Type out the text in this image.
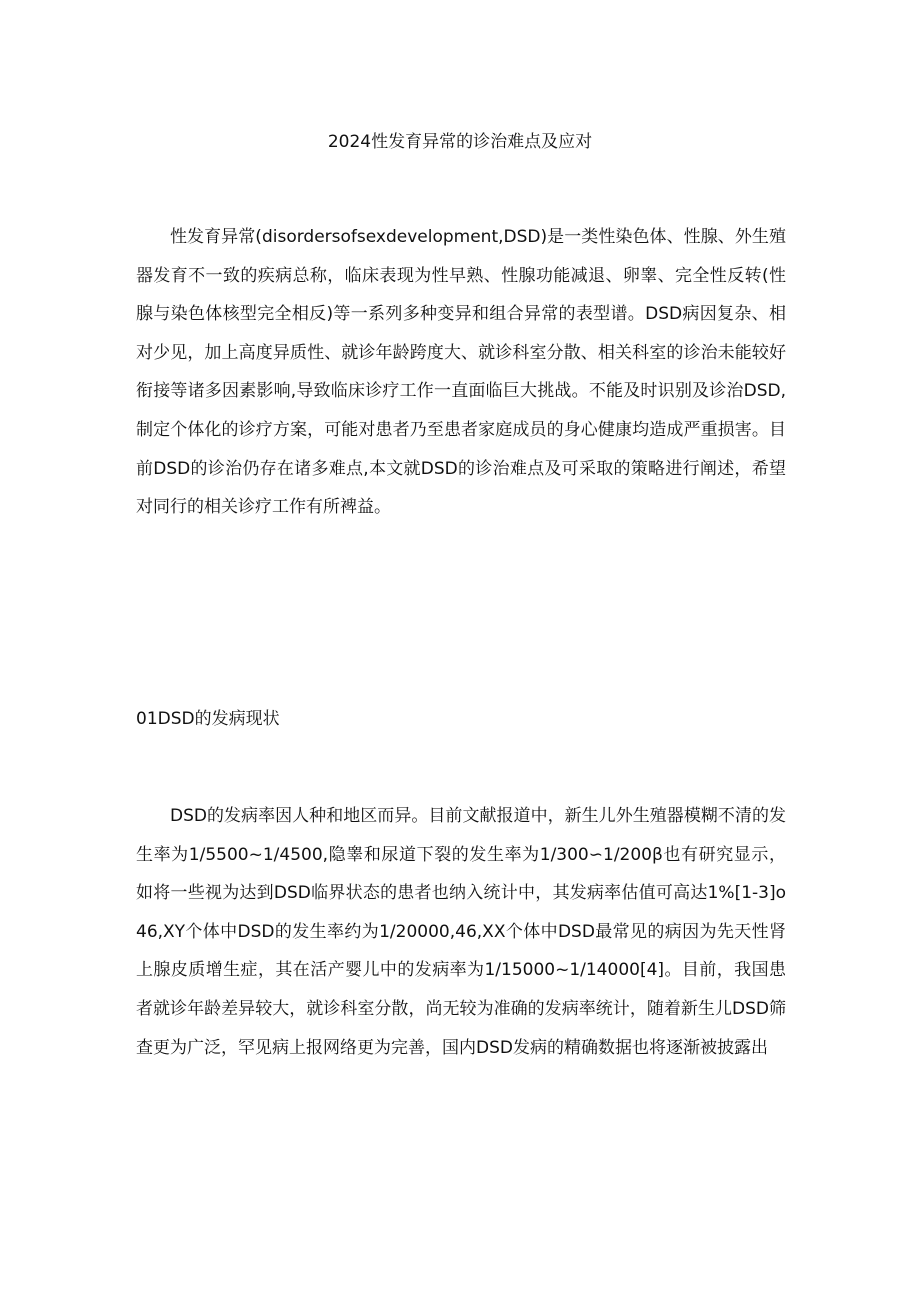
2024性发育异常的诊治难点及应对

性发育异常(disordersofsexdevelopment,DSD)是一类性染色体、性腺、外生殖器发育不一致的疾病总称，临床表现为性早熟、性腺功能减退、卵睾、完全性反转(性腺与染色体核型完全相反)等一系列多种变异和组合异常的表型谱。DSD病因复杂、相对少见，加上高度异质性、就诊年龄跨度大、就诊科室分散、相关科室的诊治未能较好衔接等诸多因素影响,导致临床诊疗工作一直面临巨大挑战。不能及时识别及诊治DSD,制定个体化的诊疗方案，可能对患者乃至患者家庭成员的身心健康均造成严重损害。目前DSD的诊治仍存在诸多难点,本文就DSD的诊治难点及可采取的策略进行阐述，希望对同行的相关诊疗工作有所裨益。

01DSD的发病现状

DSD的发病率因人种和地区而异。目前文献报道中，新生儿外生殖器模糊不清的发生率为1/5500~1/4500,隐睾和尿道下裂的发生率为1/300∽1/200β也有研究显示，如将一些视为达到DSD临界状态的患者也纳入统计中，其发病率估值可高达1%[1-3]o46,XY个体中DSD的发生率约为1/20000,46,XX个体中DSD最常见的病因为先天性肾上腺皮质增生症，其在活产婴儿中的发病率为1/15000~1/14000[4]。目前，我国患者就诊年龄差异较大，就诊科室分散，尚无较为准确的发病率统计，随着新生儿DSD筛查更为广泛，罕见病上报网络更为完善，国内DSD发病的精确数据也将逐渐被披露出
